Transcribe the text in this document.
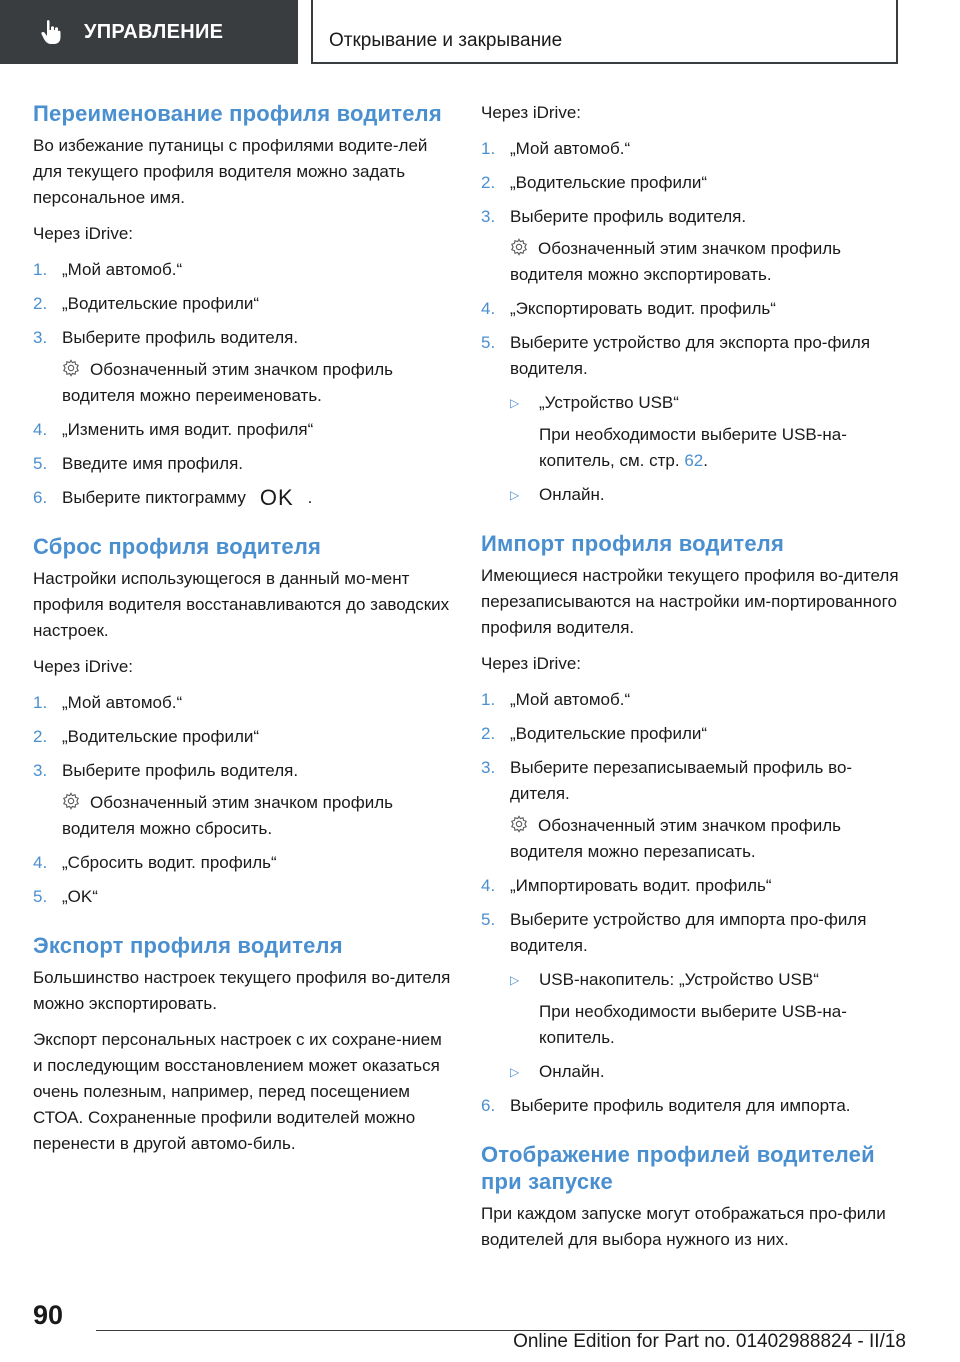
УПРАВЛЕНИЕ	Открывание и закрывание
Переименование профиля водителя

Во избежание путаницы с профилями водите-лей для текущего профиля водителя можно задать персональное имя.

Через iDrive:

1. „Мой автомоб.“
2. „Водительские профили“
3. Выберите профиль водителя.
Обозначенный этим значком профиль водителя можно переименовать.
4. „Изменить имя водит. профиля“
5. Введите имя профиля.
6. Выберите пиктограмму OK .
Сброс профиля водителя

Настройки использующегося в данный мо-мент профиля водителя восстанавливаются до заводских настроек.

Через iDrive:

1. „Мой автомоб.“
2. „Водительские профили“
3. Выберите профиль водителя.
Обозначенный этим значком профиль водителя можно сбросить.
4. „Сбросить водит. профиль“
5. „OK“
Экспорт профиля водителя

Большинство настроек текущего профиля во-дителя можно экспортировать.

Экспорт персональных настроек с их сохране-нием и последующим восстановлением может оказаться очень полезным, например, перед посещением СТОА. Сохраненные профили водителей можно перенести в другой автомо-биль.

Через iDrive:

1. „Мой автомоб.“
2. „Водительские профили“
3. Выберите профиль водителя.
Обозначенный этим значком профиль водителя можно экспортировать.
4. „Экспортировать водит. профиль“
5. Выберите устройство для экспорта про-филя водителя.
▷	„Устройство USB“
При необходимости выберите USB-на-копитель, см. стр. 62.
▷	Онлайн.
Импорт профиля водителя

Имеющиеся настройки текущего профиля во-дителя перезаписываются на настройки им-портированного профиля водителя.

Через iDrive:

1. „Мой автомоб.“
2. „Водительские профили“
3. Выберите перезаписываемый профиль во-дителя.
Обозначенный этим значком профиль водителя можно перезаписать.
4. „Импортировать водит. профиль“
5. Выберите устройство для импорта про-филя водителя.
▷	USB-накопитель: „Устройство USB“
При необходимости выберите USB-на-копитель.
▷	Онлайн.
6. Выберите профиль водителя для импорта.
Отображение профилей водителей при запуске

При каждом запуске могут отображаться про-фили водителей для выбора нужного из них.

90
Online Edition for Part no. 01402988824 - II/18
